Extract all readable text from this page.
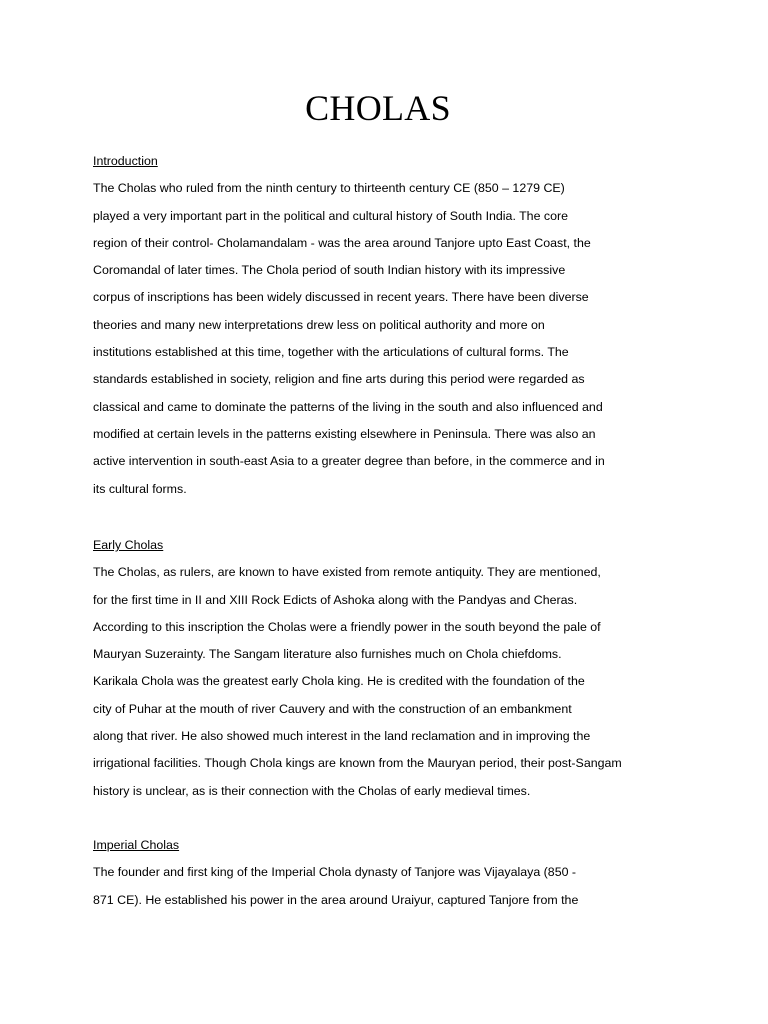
CHOLAS

Introduction

The Cholas who ruled from the ninth century to thirteenth century CE (850 – 1279 CE)

played a very important part in the political and cultural history of South India. The core

region of their control- Cholamandalam - was the area around Tanjore upto East Coast, the

Coromandal of later times. The Chola period of south Indian history with its impressive

corpus of inscriptions has been widely discussed in recent years. There have been diverse

theories and many new interpretations drew less on political authority and more on

institutions established at this time, together with the articulations of cultural forms. The

standards established in society, religion and fine arts during this period were regarded as

classical and came to dominate the patterns of the living in the south and also influenced and

modified at certain levels in the patterns existing elsewhere in Peninsula. There was also an

active intervention in south-east Asia to a greater degree than before, in the commerce and in

its cultural forms.

Early Cholas

The Cholas, as rulers, are known to have existed from remote antiquity. They are mentioned,

for the first time in II and XIII Rock Edicts of Ashoka along with the Pandyas and Cheras.

According to this inscription the Cholas were a friendly power in the south beyond the pale of

Mauryan Suzerainty. The Sangam literature also furnishes much on Chola chiefdoms.

Karikala Chola was the greatest early Chola king. He is credited with the foundation of the

city of Puhar at the mouth of river Cauvery and with the construction of an embankment

along that river. He also showed much interest in the land reclamation and in improving the

irrigational facilities. Though Chola kings are known from the Mauryan period, their post-Sangam

history is unclear, as is their connection with the Cholas of early medieval times.

Imperial Cholas

The founder and first king of the Imperial Chola dynasty of Tanjore was Vijayalaya (850 -

871 CE). He established his power in the area around Uraiyur, captured Tanjore from the
